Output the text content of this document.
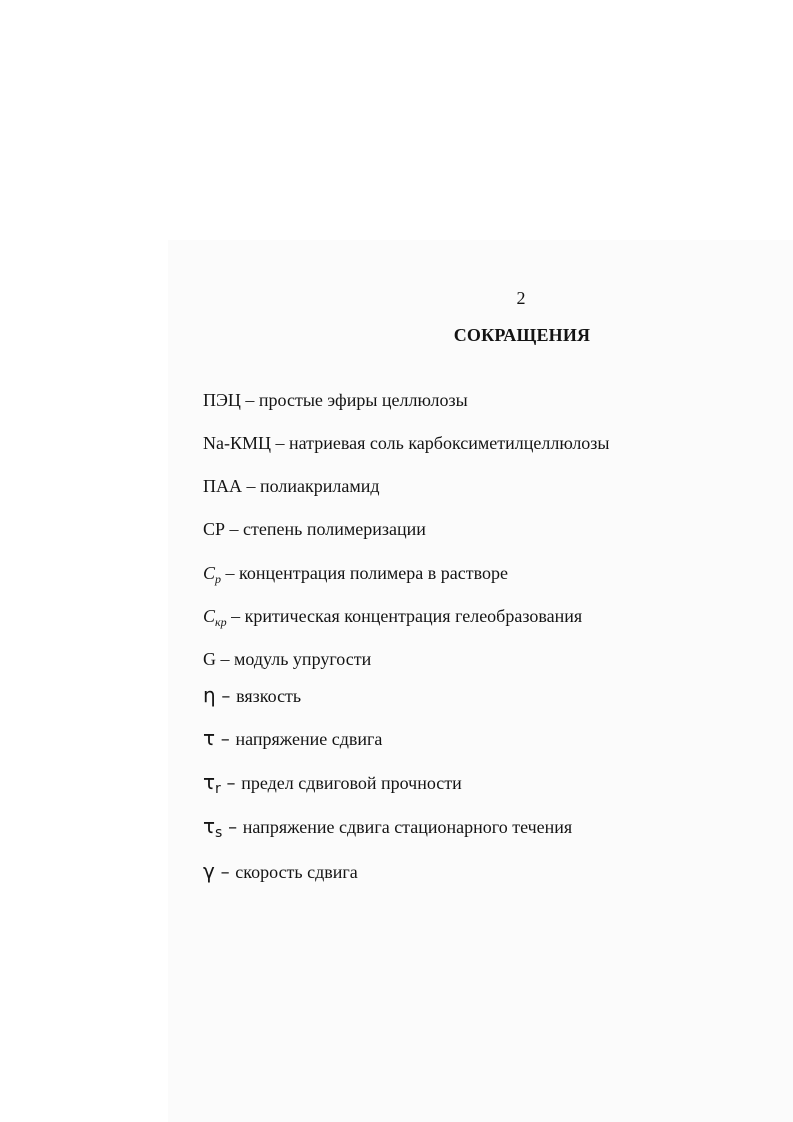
2
СОКРАЩЕНИЯ
ПЭЦ – простые эфиры целлюлозы
Na-КМЦ – натриевая соль карбоксиметилцеллюлозы
ПАА – полиакриламид
СР – степень полимеризации
$C_p$ – концентрация полимера в растворе
$C_{кр}$ – критическая концентрация гелеобразования
G – модуль упругости
η – вязкость
τ – напряжение сдвига
$\tau_r$ – предел сдвиговой прочности
$\tau_s$ – напряжение сдвига стационарного течения
γ – скорость сдвига
